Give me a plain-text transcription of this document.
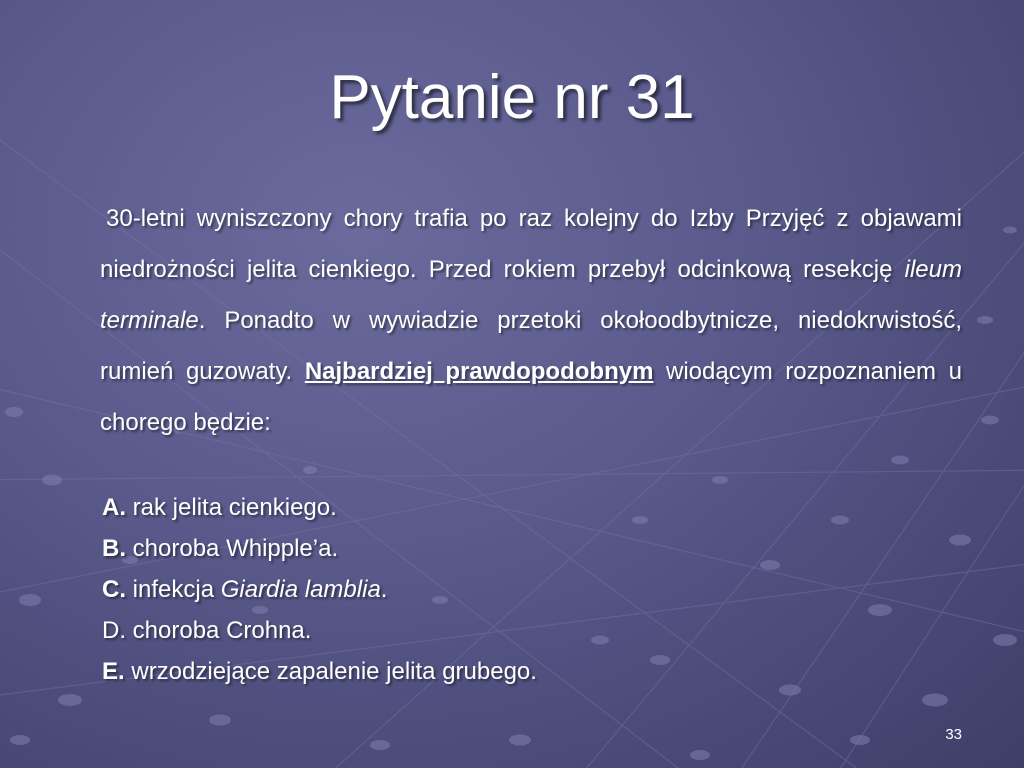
Pytanie nr 31

30-letni wyniszczony chory trafia po raz kolejny do Izby Przyjęć z objawami niedrożności jelita cienkiego. Przed rokiem przebył odcinkową resekcję ileum terminale. Ponadto w wywiadzie przetoki okołoodbytnicze, niedokrwistość, rumień guzowaty. Najbardziej prawdopodobnym wiodącym rozpoznaniem u chorego będzie:

A. rak jelita cienkiego.
B. choroba Whipple’a.
C. infekcja Giardia lamblia.
D. choroba Crohna.
E. wrzodziejące zapalenie jelita grubego.
33
